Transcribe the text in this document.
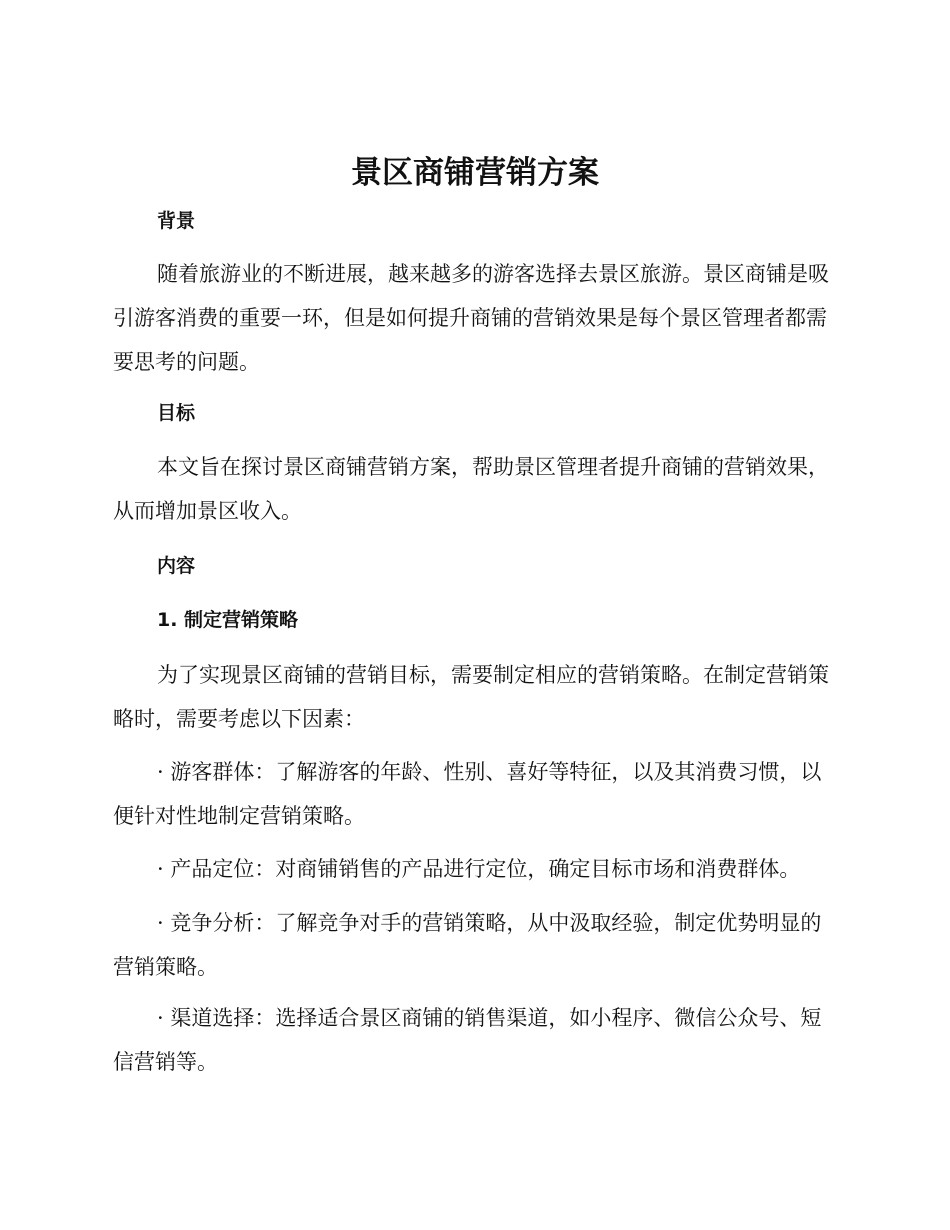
景区商铺营销方案
背景

随着旅游业的不断进展，越来越多的游客选择去景区旅游。景区商铺是吸引游客消费的重要一环，但是如何提升商铺的营销效果是每个景区管理者都需要思考的问题。

目标

本文旨在探讨景区商铺营销方案，帮助景区管理者提升商铺的营销效果，从而增加景区收入。

内容
1. 制定营销策略

为了实现景区商铺的营销目标，需要制定相应的营销策略。在制定营销策略时，需要考虑以下因素：

· 游客群体：了解游客的年龄、性别、喜好等特征，以及其消费习惯，以便针对性地制定营销策略。

· 产品定位：对商铺销售的产品进行定位，确定目标市场和消费群体。

· 竞争分析：了解竞争对手的营销策略，从中汲取经验，制定优势明显的营销策略。

· 渠道选择：选择适合景区商铺的销售渠道，如小程序、微信公众号、短信营销等。
